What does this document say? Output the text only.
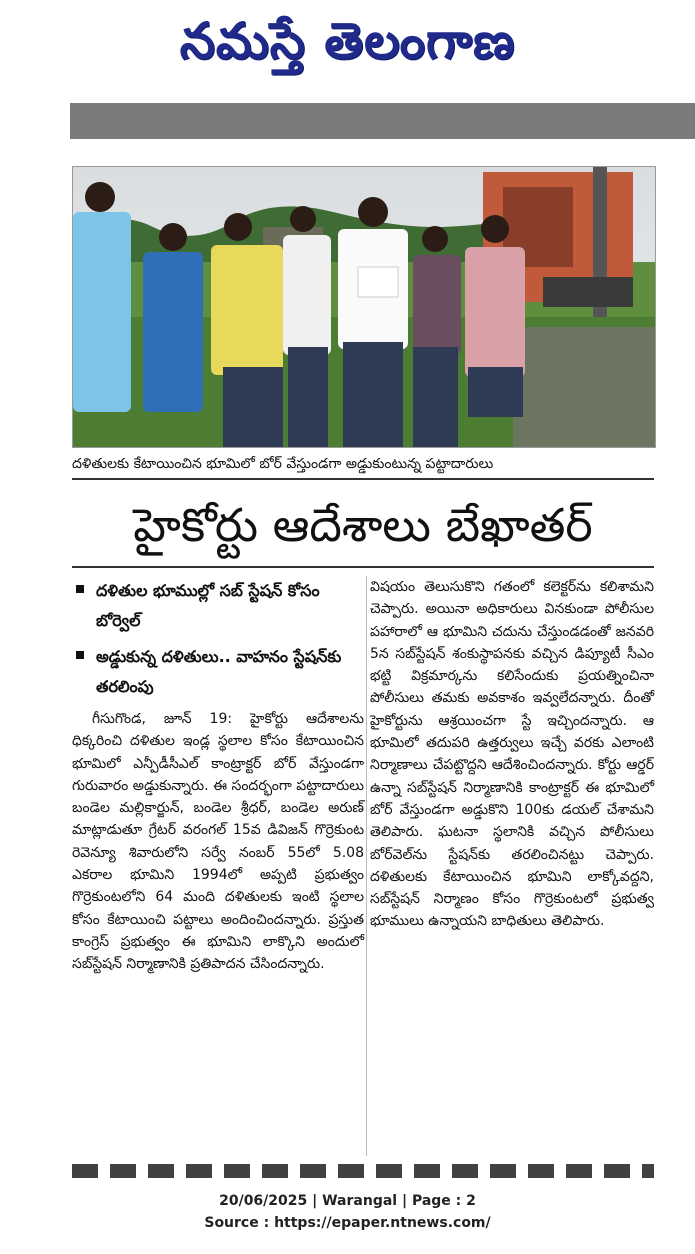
నమస్తే తెలంగాణ
దళితులకు కేటాయించిన భూమిలో బోర్ వేస్తుండగా అడ్డుకుంటున్న పట్టాదారులు
హైకోర్టు ఆదేశాలు బేఖాతర్
దళితుల భూముల్లో సబ్ స్టేషన్ కోసం బోర్వెల్
అడ్డుకున్న దళితులు.. వాహనం స్టేషన్‌కు తరలింపు

గీసుగొండ, జూన్ 19: హైకోర్టు ఆదేశాలను ధిక్కరించి దళితుల ఇండ్ల స్థలాల కోసం కేటాయించిన భూమిలో ఎన్పీడీసీఎల్ కాంట్రాక్టర్ బోర్ వేస్తుండగా గురువారం అడ్డుకున్నారు. ఈ సందర్భంగా పట్టాదారులు బండెల మల్లికార్జున్, బండెల శ్రీధర్, బండెల అరుణ్ మాట్లాడుతూ గ్రేటర్ వరంగల్ 15వ డివిజన్ గొర్రెకుంట రెవెన్యూ శివారులోని సర్వే నంబర్ 55లో 5.08 ఎకరాల భూమిని 1994లో అప్పటి ప్రభుత్వం గొర్రెకుంటలోని 64 మంది దళితులకు ఇంటి స్థలాల కోసం కేటాయించి పట్టాలు అందించిందన్నారు. ప్రస్తుత కాంగ్రెస్ ప్రభుత్వం ఈ భూమిని లాక్కొని అందులో సబ్‌స్టేషన్ నిర్మాణానికి ప్రతిపాదన చేసిందన్నారు.

విషయం తెలుసుకొని గతంలో కలెక్టర్‌ను కలిశామని చెప్పారు. అయినా అధికారులు వినకుండా పోలీసుల పహారాలో ఆ భూమిని చదును చేస్తుండడంతో జనవరి 5న సబ్‌స్టేషన్ శంకుస్థాపనకు వచ్చిన డిప్యూటీ సీఎం భట్టి విక్రమార్కను కలిసేందుకు ప్రయత్నించినా పోలీసులు తమకు అవకాశం ఇవ్వలేదన్నారు. దీంతో హైకోర్టును ఆశ్రయించగా స్టే ఇచ్చిందన్నారు. ఆ భూమిలో తదుపరి ఉత్తర్వులు ఇచ్చే వరకు ఎలాంటి నిర్మాణాలు చేపట్టొద్దని ఆదేశించిందన్నారు. కోర్టు ఆర్డర్ ఉన్నా సబ్‌స్టేషన్ నిర్మాణానికి కాంట్రాక్టర్ ఈ భూమిలో బోర్ వేస్తుండగా అడ్డుకొని 100కు డయల్ చేశామని తెలిపారు. ఘటనా స్థలానికి వచ్చిన పోలీసులు బోర్‌వెల్‌ను స్టేషన్‌కు తరలించినట్టు చెప్పారు. దళితులకు కేటాయించిన భూమిని లాక్కోవద్దని, సబ్‌స్టేషన్ నిర్మాణం కోసం గొర్రెకుంటలో ప్రభుత్వ భూములు ఉన్నాయని బాధితులు తెలిపారు.

20/06/2025 | Warangal | Page : 2
Source : https://epaper.ntnews.com/
